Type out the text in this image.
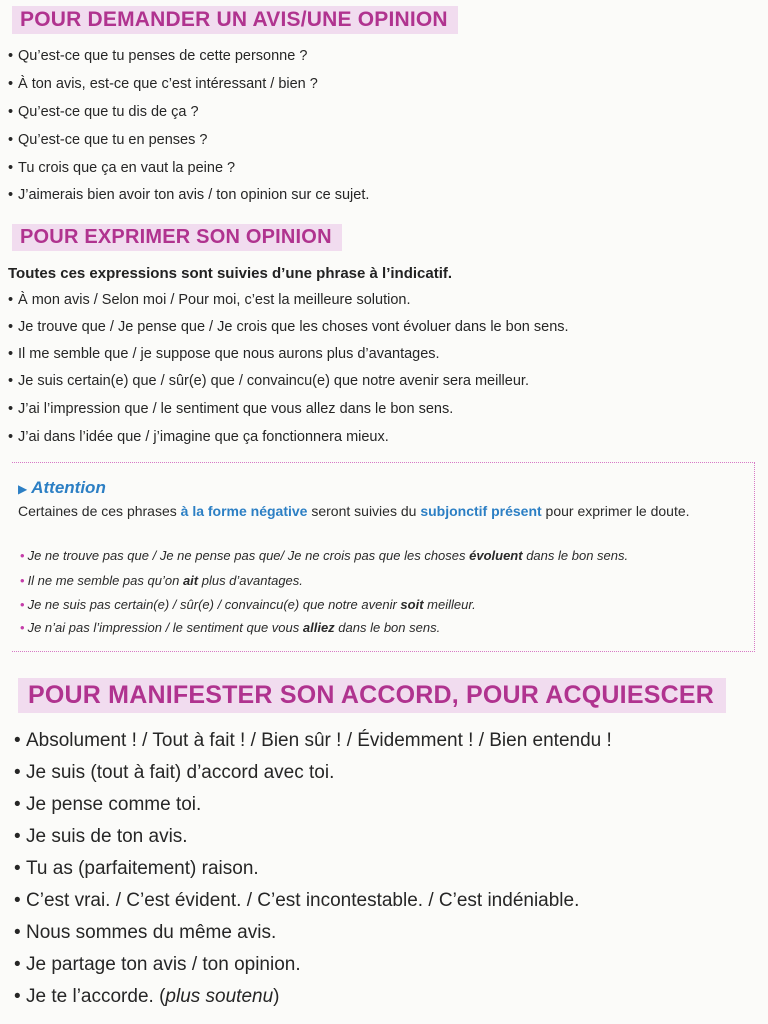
POUR DEMANDER UN AVIS/UNE OPINION
• Qu’est-ce que tu penses de cette personne ?
• À ton avis, est-ce que c’est intéressant / bien ?
• Qu’est-ce que tu dis de ça ?
• Qu’est-ce que tu en penses ?
• Tu crois que ça en vaut la peine ?
• J’aimerais bien avoir ton avis / ton opinion sur ce sujet.
POUR EXPRIMER SON OPINION
Toutes ces expressions sont suivies d’une phrase à l’indicatif.
• À mon avis / Selon moi / Pour moi, c’est la meilleure solution.
• Je trouve que / Je pense que / Je crois que les choses vont évoluer dans le bon sens.
• Il me semble que / je suppose que nous aurons plus d’avantages.
• Je suis certain(e) que / sûr(e) que / convaincu(e) que notre avenir sera meilleur.
• J’ai l’impression que / le sentiment que vous allez dans le bon sens.
• J’ai dans l’idée que / j’imagine que ça fonctionnera mieux.
▶ Attention
Certaines de ces phrases à la forme négative seront suivies du subjonctif présent pour exprimer le doute.
• Je ne trouve pas que / Je ne pense pas que/ Je ne crois pas que les choses évoluent dans le bon sens.
• Il ne me semble pas qu’on ait plus d’avantages.
• Je ne suis pas certain(e) / sûr(e) / convaincu(e) que notre avenir soit meilleur.
• Je n’ai pas l’impression / le sentiment que vous alliez dans le bon sens.
POUR MANIFESTER SON ACCORD, POUR ACQUIESCER
• Absolument ! / Tout à fait ! / Bien sûr ! / Évidemment ! / Bien entendu !
• Je suis (tout à fait) d’accord avec toi.
• Je pense comme toi.
• Je suis de ton avis.
• Tu as (parfaitement) raison.
• C’est vrai. / C’est évident. / C’est incontestable. / C’est indéniable.
• Nous sommes du même avis.
• Je partage ton avis / ton opinion.
• Je te l’accorde. (plus soutenu)
